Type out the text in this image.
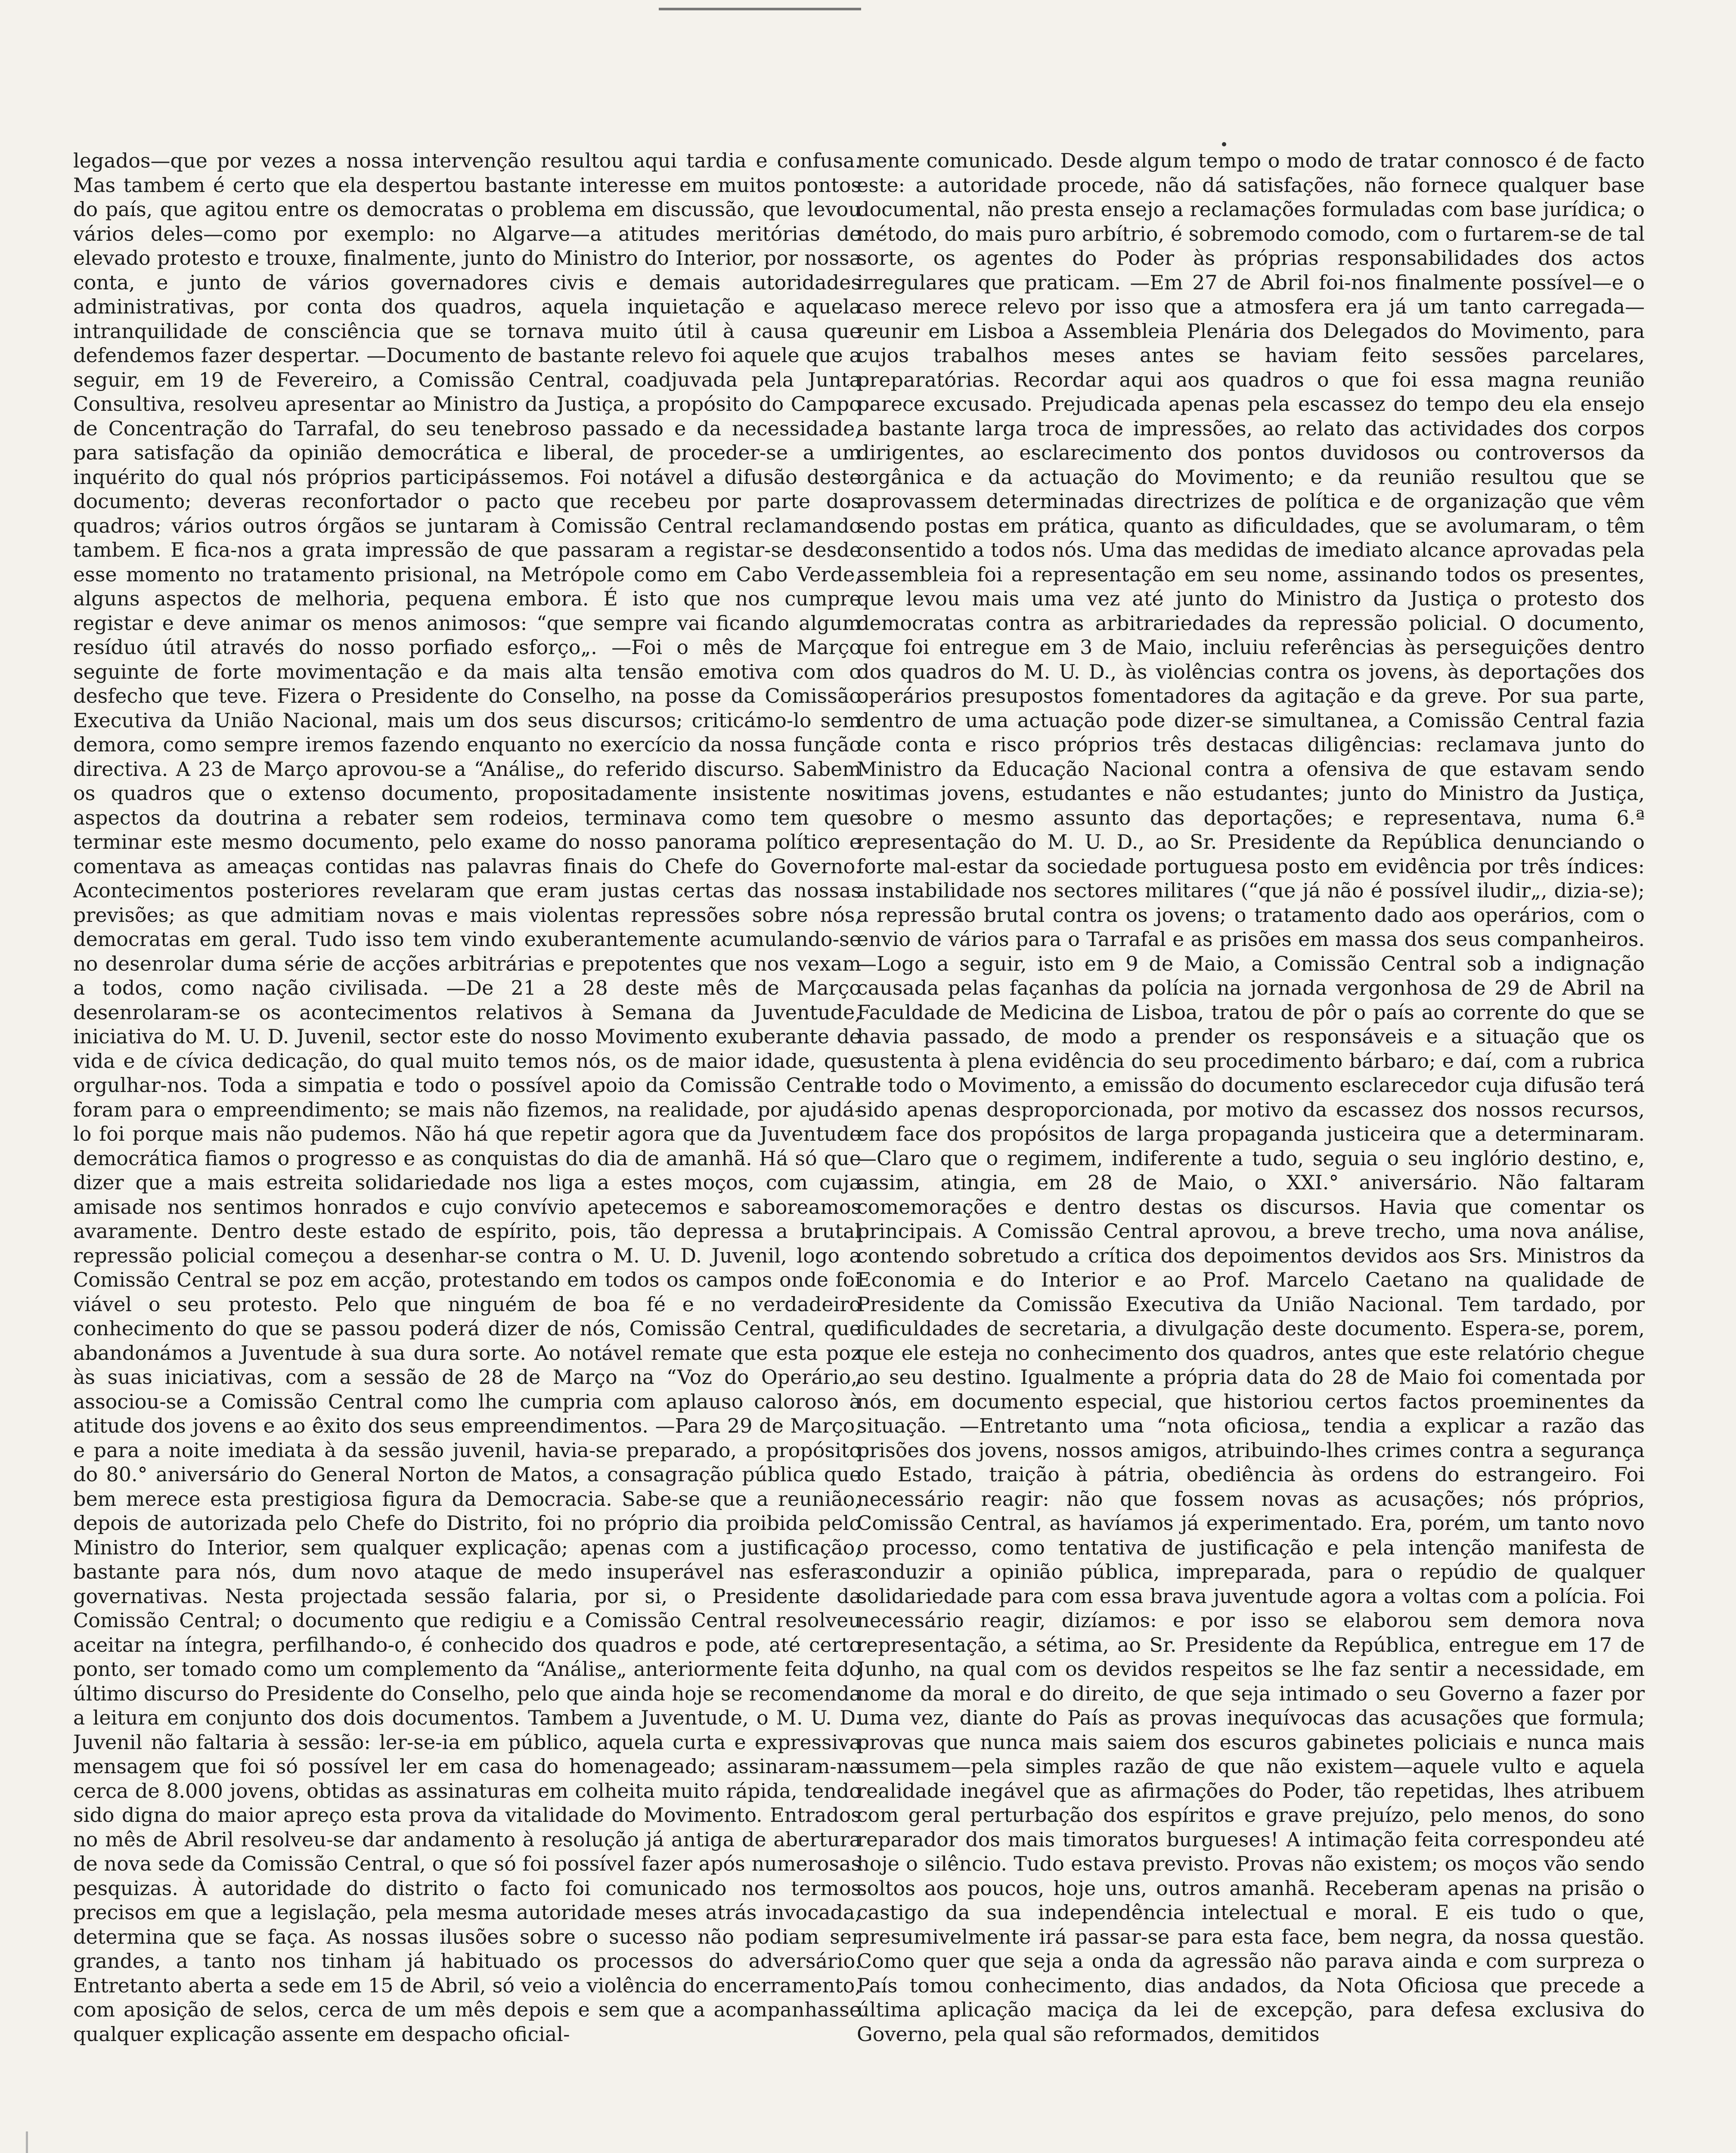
legados—que por vezes a nossa intervenção resultou aqui tardia e confusa. Mas tambem é certo que ela despertou bastante interesse em muitos pontos do país, que agitou entre os democratas o problema em discussão, que levou vários deles—como por exemplo: no Algarve—a atitudes meritórias de elevado protesto e trouxe, finalmente, junto do Ministro do Interior, por nossa conta, e junto de vários governadores civis e demais autoridades administrativas, por conta dos quadros, aquela inquietação e aquela intranquilidade de consciência que se tornava muito útil à causa que defendemos fazer despertar. —Documento de bastante relevo foi aquele que a seguir, em 19 de Fevereiro, a Comissão Central, coadjuvada pela Junta Consultiva, resolveu apresentar ao Ministro da Justiça, a propósito do Campo de Concentração do Tarrafal, do seu tenebroso passado e da necessidade, para satisfação da opinião democrática e liberal, de proceder-se a um inquérito do qual nós próprios participássemos. Foi notável a difusão deste documento; deveras reconfortador o pacto que recebeu por parte dos quadros; vários outros órgãos se juntaram à Comissão Central reclamando tambem. E fica-nos a grata impressão de que passaram a registar-se desde esse momento no tratamento prisional, na Metrópole como em Cabo Verde, alguns aspectos de melhoria, pequena embora. É isto que nos cumpre registar e deve animar os menos animosos: “que sempre vai ficando algum resíduo útil através do nosso porfiado esforço„. —Foi o mês de Março seguinte de forte movimentação e da mais alta tensão emotiva com o desfecho que teve. Fizera o Presidente do Conselho, na posse da Comissão Executiva da União Nacional, mais um dos seus discursos; criticámo-lo sem demora, como sempre iremos fazendo enquanto no exercício da nossa função directiva. A 23 de Março aprovou-se a “Análise„ do referido discurso. Sabem os quadros que o extenso documento, propositadamente insistente nos aspectos da doutrina a rebater sem rodeios, terminava como tem que terminar este mesmo documento, pelo exame do nosso panorama político e comentava as ameaças contidas nas palavras finais do Chefe do Governo. Acontecimentos posteriores revelaram que eram justas certas das nossas previsões; as que admitiam novas e mais violentas repressões sobre nós, democratas em geral. Tudo isso tem vindo exuberantemente acumulando-se no desenrolar duma série de acções arbitrárias e prepotentes que nos vexam a todos, como nação civilisada. —De 21 a 28 deste mês de Março desenrolaram-se os acontecimentos relativos à Semana da Juventude, iniciativa do M. U. D. Juvenil, sector este do nosso Movimento exuberante de vida e de cívica dedicação, do qual muito temos nós, os de maior idade, que orgulhar-nos. Toda a simpatia e todo o possível apoio da Comissão Central foram para o empreendimento; se mais não fizemos, na realidade, por ajudá-lo foi porque mais não pudemos. Não há que repetir agora que da Juventude democrática fiamos o progresso e as conquistas do dia de amanhã. Há só que dizer que a mais estreita solidariedade nos liga a estes moços, com cuja amisade nos sentimos honrados e cujo convívio apetecemos e saboreamos avaramente. Dentro deste estado de espírito, pois, tão depressa a brutal repressão policial começou a desenhar-se contra o M. U. D. Juvenil, logo a Comissão Central se poz em acção, protestando em todos os campos onde foi viável o seu protesto. Pelo que ninguém de boa fé e no verdadeiro conhecimento do que se passou poderá dizer de nós, Comissão Central, que abandonámos a Juventude à sua dura sorte. Ao notável remate que esta poz às suas iniciativas, com a sessão de 28 de Março na “Voz do Operário„ associou-se a Comissão Central como lhe cumpria com aplauso caloroso à atitude dos jovens e ao êxito dos seus empreendimentos. —Para 29 de Março, e para a noite imediata à da sessão juvenil, havia-se preparado, a propósito do 80.° aniversário do General Norton de Matos, a consagração pública que bem merece esta prestigiosa figura da Democracia. Sabe-se que a reunião, depois de autorizada pelo Chefe do Distrito, foi no próprio dia proibida pelo Ministro do Interior, sem qualquer explicação; apenas com a justificação, bastante para nós, dum novo ataque de medo insuperável nas esferas governativas. Nesta projectada sessão falaria, por si, o Presidente da Comissão Central; o documento que redigiu e a Comissão Central resolveu aceitar na íntegra, perfilhando-o, é conhecido dos quadros e pode, até certo ponto, ser tomado como um complemento da “Análise„ anteriormente feita do último discurso do Presidente do Conselho, pelo que ainda hoje se recomenda a leitura em conjunto dos dois documentos. Tambem a Juventude, o M. U. D. Juvenil não faltaria à sessão: ler-se-ia em público, aquela curta e expressiva mensagem que foi só possível ler em casa do homenageado; assinaram-na cerca de 8.000 jovens, obtidas as assinaturas em colheita muito rápida, tendo sido digna do maior apreço esta prova da vitalidade do Movimento. Entrados no mês de Abril resolveu-se dar andamento à resolução já antiga de abertura de nova sede da Comissão Central, o que só foi possível fazer após numerosas pesquizas. À autoridade do distrito o facto foi comunicado nos termos precisos em que a legislação, pela mesma autoridade meses atrás invocada, determina que se faça. As nossas ilusões sobre o sucesso não podiam ser grandes, a tanto nos tinham já habituado os processos do adversário. Entretanto aberta a sede em 15 de Abril, só veio a violência do encerramento, com aposição de selos, cerca de um mês depois e sem que a acompanhasse qualquer explicação assente em despacho oficial-

mente comunicado. Desde algum tempo o modo de tratar connosco é de facto este: a autoridade procede, não dá satisfações, não fornece qualquer base documental, não presta ensejo a reclamações formuladas com base jurídica; o método, do mais puro arbítrio, é sobremodo comodo, com o furtarem-se de tal sorte, os agentes do Poder às próprias responsabilidades dos actos irregulares que praticam. —Em 27 de Abril foi-nos finalmente possível—e o caso merece relevo por isso que a atmosfera era já um tanto carregada—reunir em Lisboa a Assembleia Plenária dos Delegados do Movimento, para cujos trabalhos meses antes se haviam feito sessões parcelares, preparatórias. Recordar aqui aos quadros o que foi essa magna reunião parece excusado. Prejudicada apenas pela escassez do tempo deu ela ensejo a bastante larga troca de impressões, ao relato das actividades dos corpos dirigentes, ao esclarecimento dos pontos duvidosos ou controversos da orgânica e da actuação do Movimento; e da reunião resultou que se aprovassem determinadas directrizes de política e de organização que vêm sendo postas em prática, quanto as dificuldades, que se avolumaram, o têm consentido a todos nós. Uma das medidas de imediato alcance aprovadas pela assembleia foi a representação em seu nome, assinando todos os presentes, que levou mais uma vez até junto do Ministro da Justiça o protesto dos democratas contra as arbitrariedades da repressão policial. O documento, que foi entregue em 3 de Maio, incluiu referências às perseguições dentro dos quadros do M. U. D., às violências contra os jovens, às deportações dos operários presupostos fomentadores da agitação e da greve. Por sua parte, dentro de uma actuação pode dizer-se simultanea, a Comissão Central fazia de conta e risco próprios três destacas diligências: reclamava junto do Ministro da Educação Nacional contra a ofensiva de que estavam sendo vitimas jovens, estudantes e não estudantes; junto do Ministro da Justiça, sobre o mesmo assunto das deportações; e representava, numa 6.ª representação do M. U. D., ao Sr. Presidente da República denunciando o forte mal-estar da sociedade portuguesa posto em evidência por três índices: a instabilidade nos sectores militares (“que já não é possível iludir„, dizia-se); a repressão brutal contra os jovens; o tratamento dado aos operários, com o envio de vários para o Tarrafal e as prisões em massa dos seus companheiros. —Logo a seguir, isto em 9 de Maio, a Comissão Central sob a indignação causada pelas façanhas da polícia na jornada vergonhosa de 29 de Abril na Faculdade de Medicina de Lisboa, tratou de pôr o país ao corrente do que se havia passado, de modo a prender os responsáveis e a situação que os sustenta à plena evidência do seu procedimento bárbaro; e daí, com a rubrica de todo o Movimento, a emissão do documento esclarecedor cuja difusão terá sido apenas desproporcionada, por motivo da escassez dos nossos recursos, em face dos propósitos de larga propaganda justiceira que a determinaram. —Claro que o regimem, indiferente a tudo, seguia o seu inglório destino, e, assim, atingia, em 28 de Maio, o XXI.° aniversário. Não faltaram comemorações e dentro destas os discursos. Havia que comentar os principais. A Comissão Central aprovou, a breve trecho, uma nova análise, contendo sobretudo a crítica dos depoimentos devidos aos Srs. Ministros da Economia e do Interior e ao Prof. Marcelo Caetano na qualidade de Presidente da Comissão Executiva da União Nacional. Tem tardado, por dificuldades de secretaria, a divulgação deste documento. Espera-se, porem, que ele esteja no conhecimento dos quadros, antes que este relatório chegue ao seu destino. Igualmente a própria data do 28 de Maio foi comentada por nós, em documento especial, que historiou certos factos proeminentes da situação. —Entretanto uma “nota oficiosa„ tendia a explicar a razão das prisões dos jovens, nossos amigos, atribuindo-lhes crimes contra a segurança do Estado, traição à pátria, obediência às ordens do estrangeiro. Foi necessário reagir: não que fossem novas as acusações; nós próprios, Comissão Central, as havíamos já experimentado. Era, porém, um tanto novo o processo, como tentativa de justificação e pela intenção manifesta de conduzir a opinião pública, impreparada, para o repúdio de qualquer solidariedade para com essa brava juventude agora a voltas com a polícia. Foi necessário reagir, dizíamos: e por isso se elaborou sem demora nova representação, a sétima, ao Sr. Presidente da República, entregue em 17 de Junho, na qual com os devidos respeitos se lhe faz sentir a necessidade, em nome da moral e do direito, de que seja intimado o seu Governo a fazer por uma vez, diante do País as provas inequívocas das acusações que formula; provas que nunca mais saiem dos escuros gabinetes policiais e nunca mais assumem—pela simples razão de que não existem—aquele vulto e aquela realidade inegável que as afirmações do Poder, tão repetidas, lhes atribuem com geral perturbação dos espíritos e grave prejuízo, pelo menos, do sono reparador dos mais timoratos burgueses! A intimação feita correspondeu até hoje o silêncio. Tudo estava previsto. Provas não existem; os moços vão sendo soltos aos poucos, hoje uns, outros amanhã. Receberam apenas na prisão o castigo da sua independência intelectual e moral. E eis tudo o que, presumivelmente irá passar-se para esta face, bem negra, da nossa questão. Como quer que seja a onda da agressão não parava ainda e com surpreza o País tomou conhecimento, dias andados, da Nota Oficiosa que precede a última aplicação maciça da lei de excepção, para defesa exclusiva do Governo, pela qual são reformados, demitidos
